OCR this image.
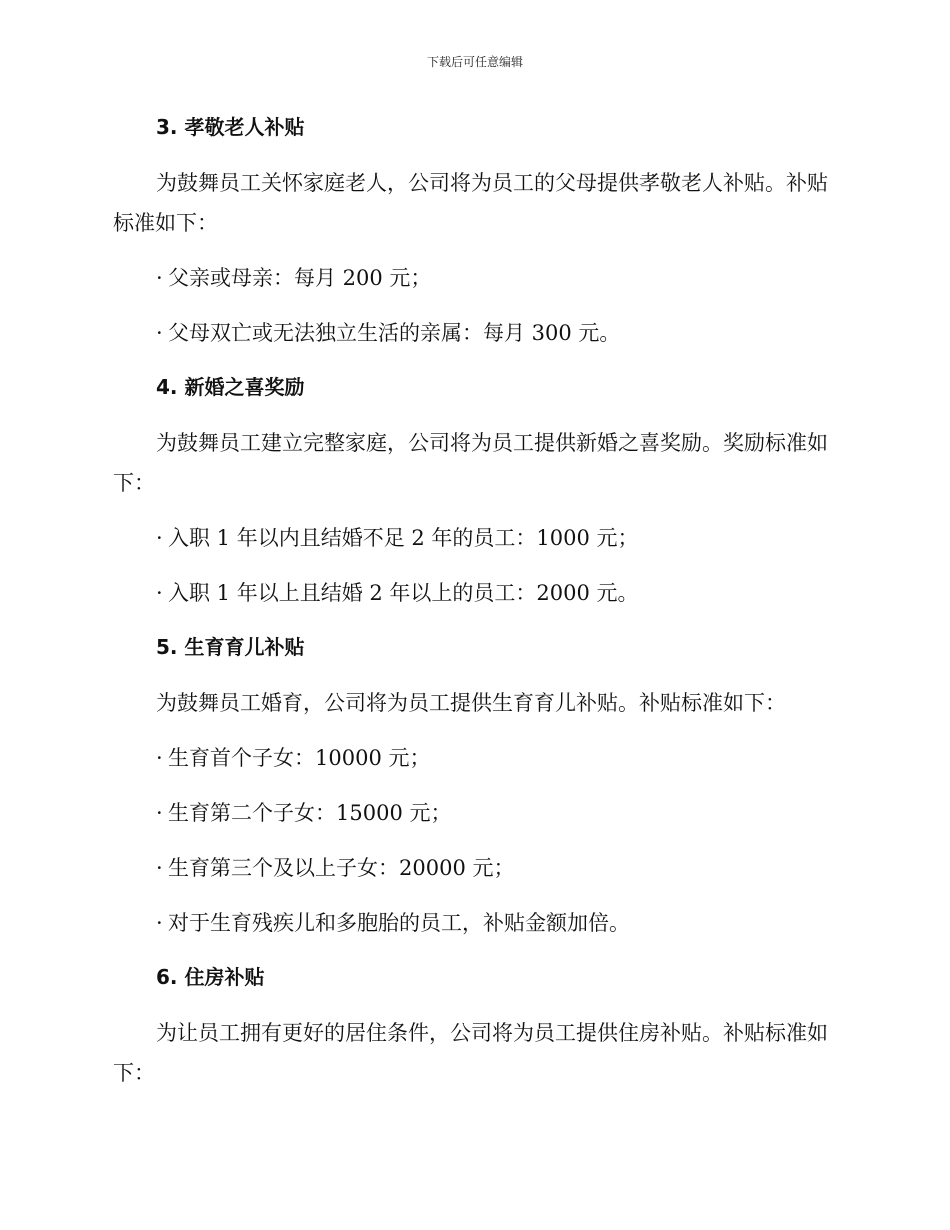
下载后可任意编辑
3. 孝敬老人补贴

为鼓舞员工关怀家庭老人，公司将为员工的父母提供孝敬老人补贴。补贴标准如下：

· 父亲或母亲：每月 200 元；

· 父母双亡或无法独立生活的亲属：每月 300 元。

4. 新婚之喜奖励

为鼓舞员工建立完整家庭，公司将为员工提供新婚之喜奖励。奖励标准如下：

· 入职 1 年以内且结婚不足 2 年的员工：1000 元；

· 入职 1 年以上且结婚 2 年以上的员工：2000 元。

5. 生育育儿补贴

为鼓舞员工婚育，公司将为员工提供生育育儿补贴。补贴标准如下：

· 生育首个子女：10000 元；

· 生育第二个子女：15000 元；

· 生育第三个及以上子女：20000 元；

· 对于生育残疾儿和多胞胎的员工，补贴金额加倍。

6. 住房补贴

为让员工拥有更好的居住条件，公司将为员工提供住房补贴。补贴标准如下：
